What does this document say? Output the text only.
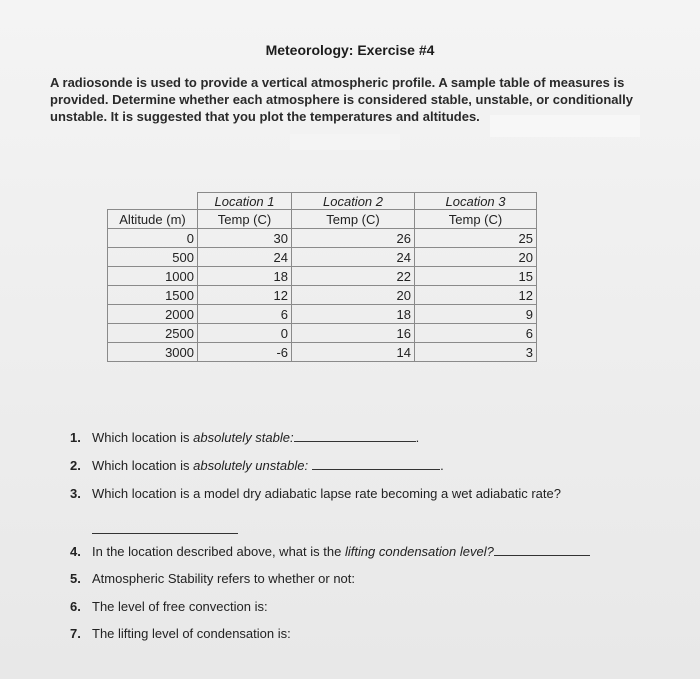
Meteorology: Exercise #4
A radiosonde is used to provide a vertical atmospheric profile. A sample table of measures is provided. Determine whether each atmosphere is considered stable, unstable, or conditionally unstable. It is suggested that you plot the temperatures and altitudes.
	Location 1	Location 2	Location 3
Altitude (m)	Temp (C)	Temp (C)	Temp (C)
0	30	26	25
500	24	24	20
1000	18	22	15
1500	12	20	12
2000	6	18	9
2500	0	16	6
3000	-6	14	3
1. Which location is absolutely stable:	.
2. Which location is absolutely unstable:	.
3. Which location is a model dry adiabatic lapse rate becoming a wet adiabatic rate?
4. In the location described above, what is the lifting condensation level?
5. Atmospheric Stability refers to whether or not:
6. The level of free convection is:
7. The lifting level of condensation is:
